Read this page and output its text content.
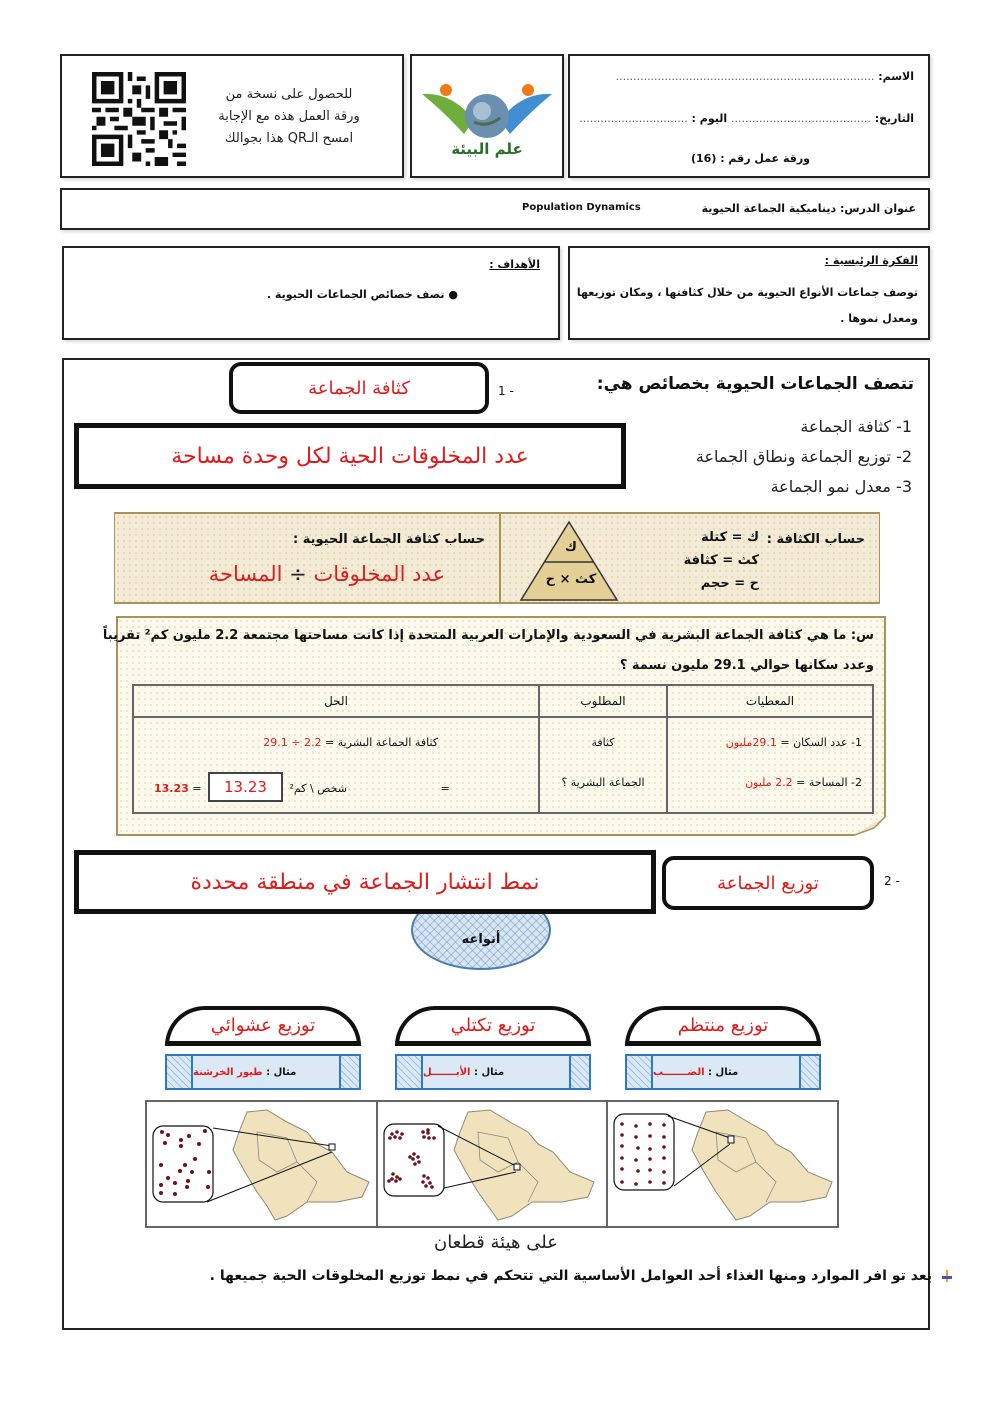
الاسم: ..........................................................................
التاريخ: ........................................ اليوم : ...............................
ورقة عمل رقم : (16)
علم البيئة
للحصول على نسخة من
ورقة العمل هذه مع الإجابة
امسح الـQR هذا بجوالك
عنوان الدرس: ديناميكية الجماعة الحيوية
Population Dynamics
الأهداف :
● تصف خصائص الجماعات الحيوية .
الفكرة الرئيسية :
توصف جماعات الأنواع الحيوية من خلال كثافتها ، ومكان توزيعها
ومعدل نموها .
تتصف الجماعات الحيوية بخصائص هي:
1 -
كثافة الجماعة
عدد المخلوقات الحية لكل وحدة مساحة
1- كثافة الجماعة
2- توزيع الجماعة ونطاق الجماعة
3- معدل نمو الجماعة
حساب الكثافة :
ك = كتلة
كث = كثافة
ح = حجم
ك
كث × ح
حساب كثافة الجماعة الحيوية :
عدد المخلوقات ÷ المساحة
س: ما هي كثافة الجماعة البشرية في السعودية والإمارات العربية المتحدة إذا كانت مساحتها مجتمعة 2.2 مليون كم² تقريباً
وعدد سكانها حوالي 29.1 مليون نسمة ؟
المعطيات	المطلوب	الحل

1- عدد السكان = 29.1مليون
2- المساحة = 2.2 مليون

كثافة
الجماعة البشرية ؟

كثافة الجماعة البشرية = 29.1 ÷ 2.2
شخص \ كم² 13.23 = 13.23	=
2 -
توزيع الجماعة
أنواعه
نمط انتشار الجماعة في منطقة محددة
توزيع منتظم
توزيع تكتلي
توزيع عشوائي
مثال :

الضـــــــب
مثال :

الأبـــــــل
مثال :

طيور الخرشنة
على هيئة قطعان
يعد تو افر الموارد ومنها الغذاء أحد العوامل الأساسية التي تتحكم في نمط توزيع المخلوقات الحية جميعها .
